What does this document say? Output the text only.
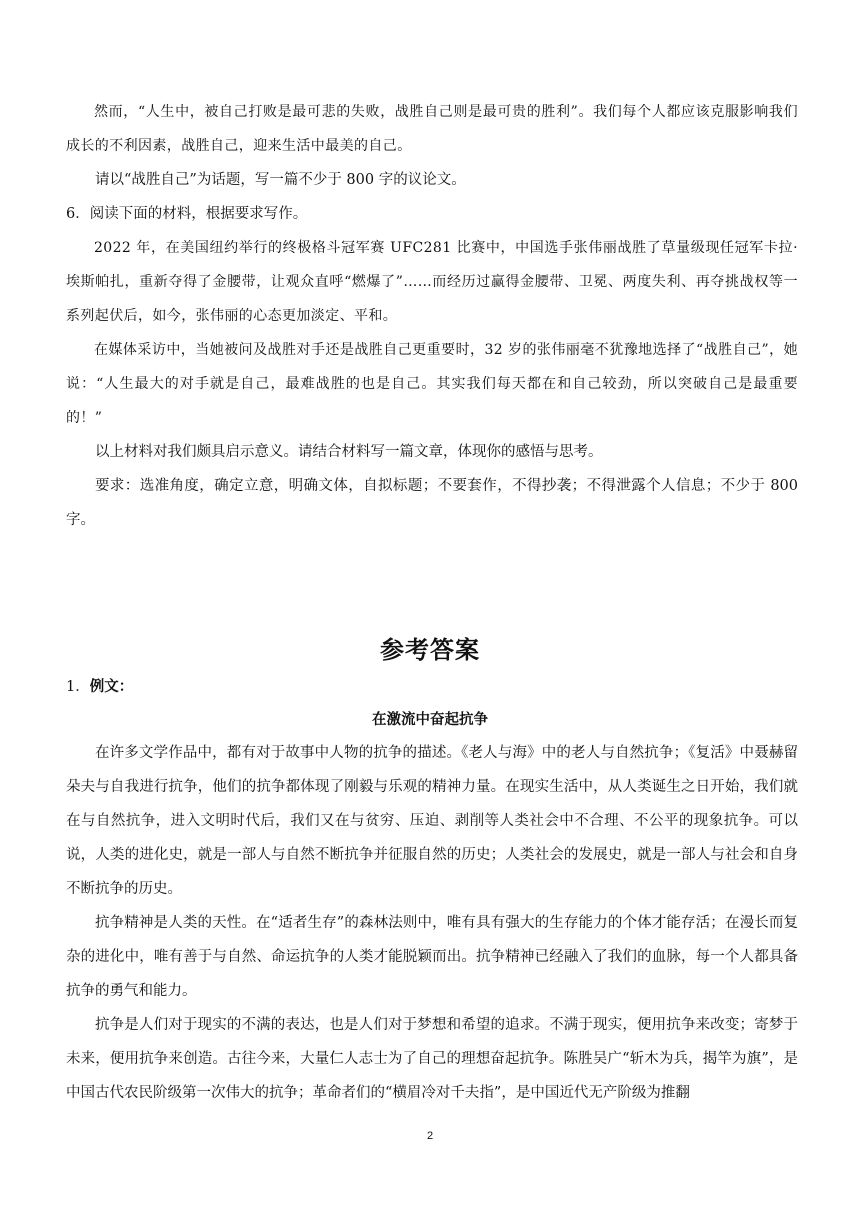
然而，“人生中，被自己打败是最可悲的失败，战胜自己则是最可贵的胜利”。我们每个人都应该克服影响我们成长的不利因素，战胜自己，迎来生活中最美的自己。

请以“战胜自己”为话题，写一篇不少于 800 字的议论文。

6．阅读下面的材料，根据要求写作。

2022 年，在美国纽约举行的终极格斗冠军赛 UFC281 比赛中，中国选手张伟丽战胜了草量级现任冠军卡拉·埃斯帕扎，重新夺得了金腰带，让观众直呼“燃爆了”……而经历过赢得金腰带、卫冕、两度失利、再夺挑战权等一系列起伏后，如今，张伟丽的心态更加淡定、平和。

在媒体采访中，当她被问及战胜对手还是战胜自己更重要时，32 岁的张伟丽毫不犹豫地选择了“战胜自己”，她说：“人生最大的对手就是自己，最难战胜的也是自己。其实我们每天都在和自己较劲，所以突破自己是最重要的！”

以上材料对我们颇具启示意义。请结合材料写一篇文章，体现你的感悟与思考。

要求：选准角度，确定立意，明确文体，自拟标题；不要套作，不得抄袭；不得泄露个人信息；不少于 800 字。

参考答案

1．例文：

在激流中奋起抗争

在许多文学作品中，都有对于故事中人物的抗争的描述。《老人与海》中的老人与自然抗争；《复活》中聂赫留朵夫与自我进行抗争，他们的抗争都体现了刚毅与乐观的精神力量。在现实生活中，从人类诞生之日开始，我们就在与自然抗争，进入文明时代后，我们又在与贫穷、压迫、剥削等人类社会中不合理、不公平的现象抗争。可以说，人类的进化史，就是一部人与自然不断抗争并征服自然的历史；人类社会的发展史，就是一部人与社会和自身不断抗争的历史。

抗争精神是人类的天性。在“适者生存”的森林法则中，唯有具有强大的生存能力的个体才能存活；在漫长而复杂的进化中，唯有善于与自然、命运抗争的人类才能脱颖而出。抗争精神已经融入了我们的血脉，每一个人都具备抗争的勇气和能力。

抗争是人们对于现实的不满的表达，也是人们对于梦想和希望的追求。不满于现实，便用抗争来改变；寄梦于未来，便用抗争来创造。古往今来，大量仁人志士为了自己的理想奋起抗争。陈胜吴广“斩木为兵，揭竿为旗”，是中国古代农民阶级第一次伟大的抗争；革命者们的“横眉冷对千夫指”，是中国近代无产阶级为推翻

2
